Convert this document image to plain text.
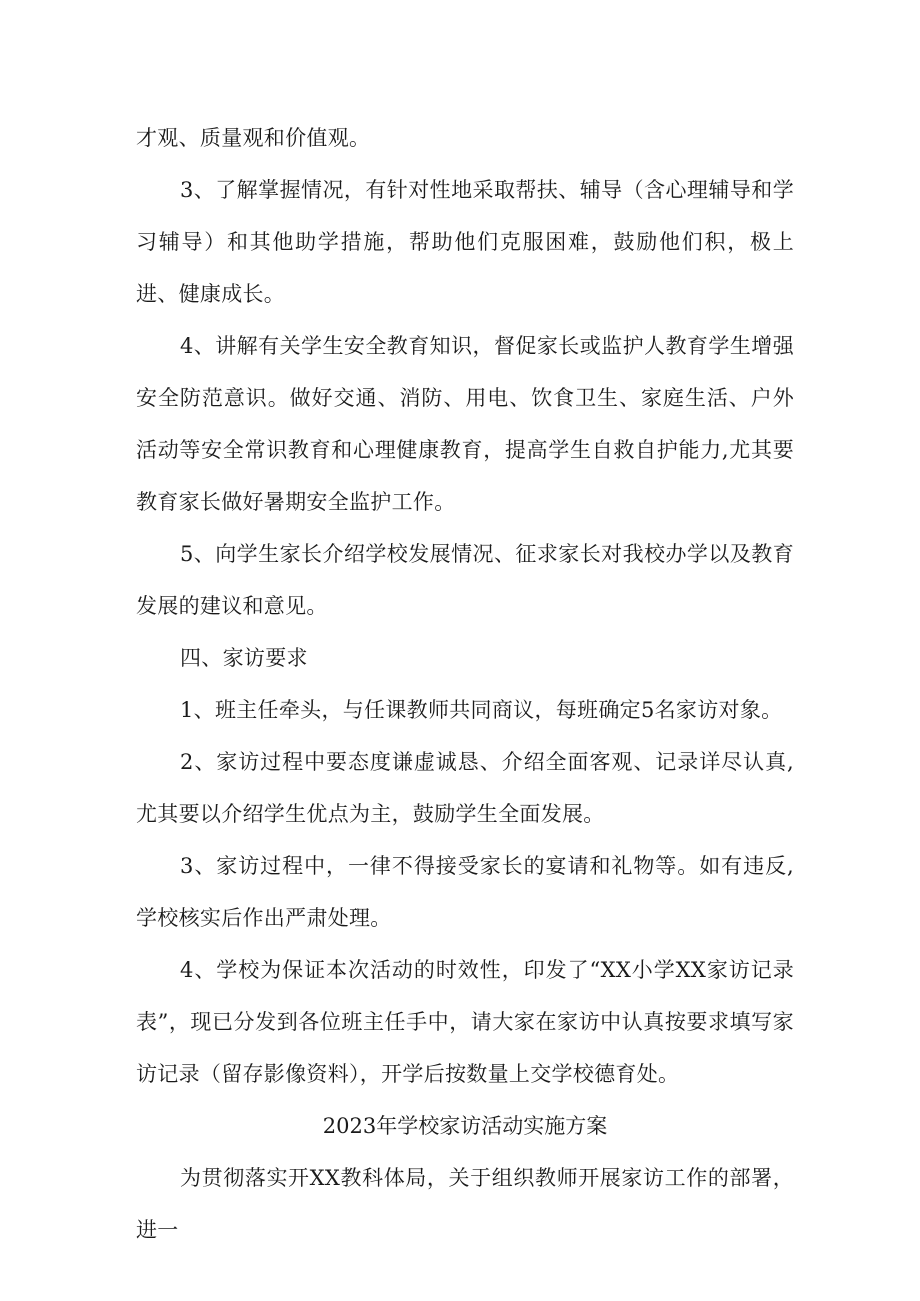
才观、质量观和价值观。

3、了解掌握情况，有针对性地采取帮扶、辅导（含心理辅导和学习辅导）和其他助学措施，帮助他们克服困难，鼓励他们积，极上进、健康成长。

4、讲解有关学生安全教育知识，督促家长或监护人教育学生增强安全防范意识。做好交通、消防、用电、饮食卫生、家庭生活、户外活动等安全常识教育和心理健康教育，提高学生自救自护能力,尤其要教育家长做好暑期安全监护工作。

5、向学生家长介绍学校发展情况、征求家长对我校办学以及教育发展的建议和意见。

四、家访要求

1、班主任牵头，与任课教师共同商议，每班确定5名家访对象。

2、家访过程中要态度谦虚诚恳、介绍全面客观、记录详尽认真,尤其要以介绍学生优点为主，鼓励学生全面发展。

3、家访过程中，一律不得接受家长的宴请和礼物等。如有违反,学校核实后作出严肃处理。

4、学校为保证本次活动的时效性，印发了“XX小学XX家访记录表”，现已分发到各位班主任手中，请大家在家访中认真按要求填写家访记录（留存影像资料），开学后按数量上交学校德育处。

2023年学校家访活动实施方案

为贯彻落实开XX教科体局，关于组织教师开展家访工作的部署，进一
